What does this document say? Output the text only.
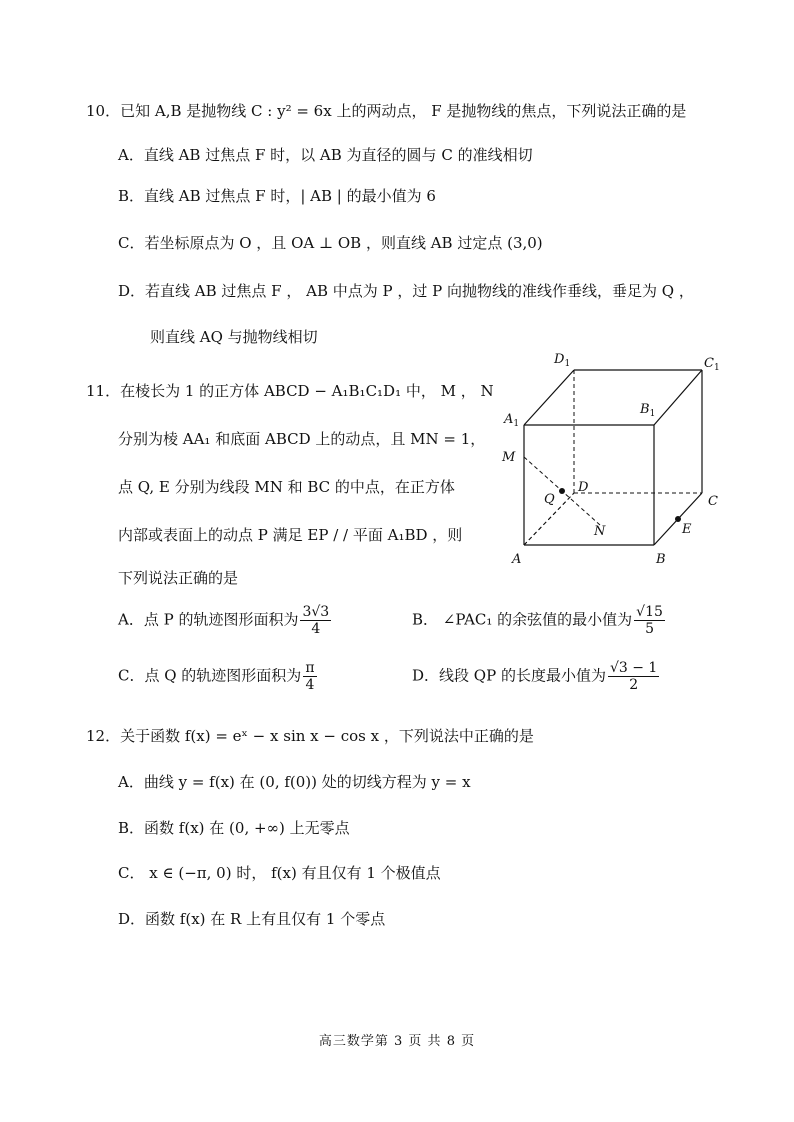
10．已知 A,B 是抛物线 C : y² = 6x 上的两动点， F 是抛物线的焦点，下列说法正确的是
A．直线 AB 过焦点 F 时，以 AB 为直径的圆与 C 的准线相切
B．直线 AB 过焦点 F 时，| AB | 的最小值为 6
C．若坐标原点为 O ，且 OA ⊥ OB ，则直线 AB 过定点 (3,0)
D．若直线 AB 过焦点 F ， AB 中点为 P ，过 P 向抛物线的准线作垂线，垂足为 Q ，
则直线 AQ 与抛物线相切
11．在棱长为 1 的正方体 ABCD − A₁B₁C₁D₁ 中， M ， N
分别为棱 AA₁ 和底面 ABCD 上的动点，且 MN = 1，
点 Q, E 分别为线段 MN 和 BC 的中点，在正方体
内部或表面上的动点 P 满足 EP / / 平面 A₁BD ，则
下列说法正确的是
A．点 P 的轨迹图形面积为 $\frac{3√3}{4}$	B． ∠PAC₁ 的余弦值的最小值为 $\frac{√15}{5}$
C．点 Q 的轨迹图形面积为 $\frac{\pi}{4}$	D．线段 QP 的长度最小值为 $\frac{√3 - 1}{2}$
$D_1$	$C_1$
$A_1$
$B_1$
M
Q
D
C
N	E
A	B
12．关于函数 f(x) = eˣ − x sin x − cos x ，下列说法中正确的是
A．曲线 y = f(x) 在 (0, f(0)) 处的切线方程为 y = x
B．函数 f(x) 在 (0, +∞) 上无零点
C． x ∈ (−π, 0) 时， f(x) 有且仅有 1 个极值点
D．函数 f(x) 在 R 上有且仅有 1 个零点
高三数学第 3 页 共 8 页
